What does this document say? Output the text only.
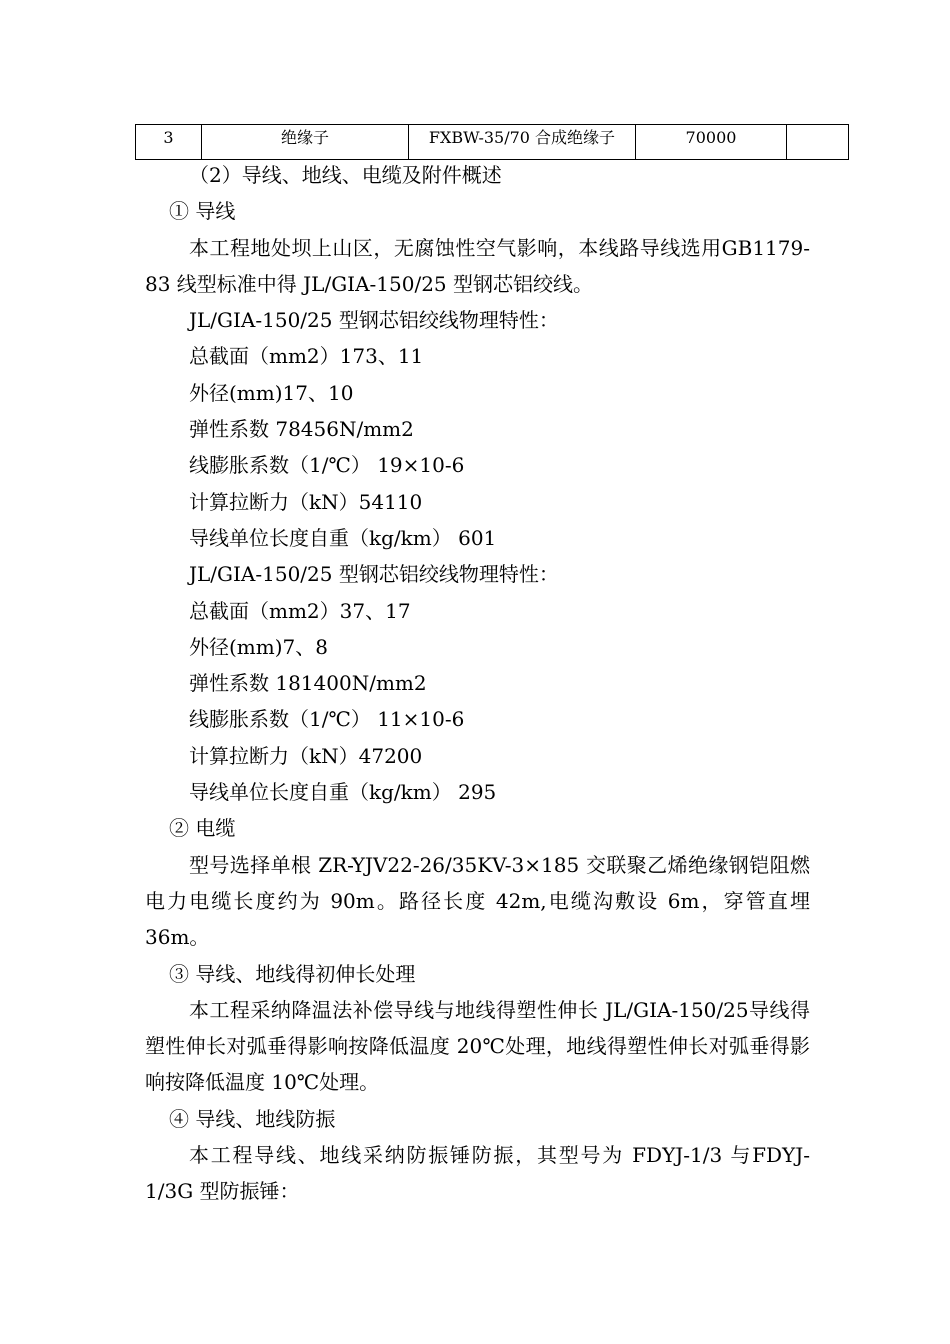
3	绝缘子	FXBW-35/70 合成绝缘子	70000	

（2）导线、地线、电缆及附件概述

① 导线

本工程地处坝上山区，无腐蚀性空气影响，本线路导线选用GB1179-83 线型标准中得 JL/GIA-150/25 型钢芯铝绞线。

JL/GIA-150/25 型钢芯铝绞线物理特性：

总截面（mm2）173、11

外径(mm)17、10

弹性系数 78456N/mm2

线膨胀系数（1/℃） 19×10-6

计算拉断力（kN）54110

导线单位长度自重（kg/km） 601

JL/GIA-150/25 型钢芯铝绞线物理特性：

总截面（mm2）37、17

外径(mm)7、8

弹性系数 181400N/mm2

线膨胀系数（1/℃） 11×10-6

计算拉断力（kN）47200

导线单位长度自重（kg/km） 295

② 电缆

型号选择单根 ZR-YJV22-26/35KV-3×185 交联聚乙烯绝缘钢铠阻燃电力电缆长度约为 90m。路径长度 42m,电缆沟敷设 6m，穿管直埋 36m。

③ 导线、地线得初伸长处理

本工程采纳降温法补偿导线与地线得塑性伸长 JL/GIA-150/25导线得塑性伸长对弧垂得影响按降低温度 20℃处理，地线得塑性伸长对弧垂得影响按降低温度 10℃处理。

④ 导线、地线防振

本工程导线、地线采纳防振锤防振，其型号为 FDYJ-1/3 与FDYJ-1/3G 型防振锤：
